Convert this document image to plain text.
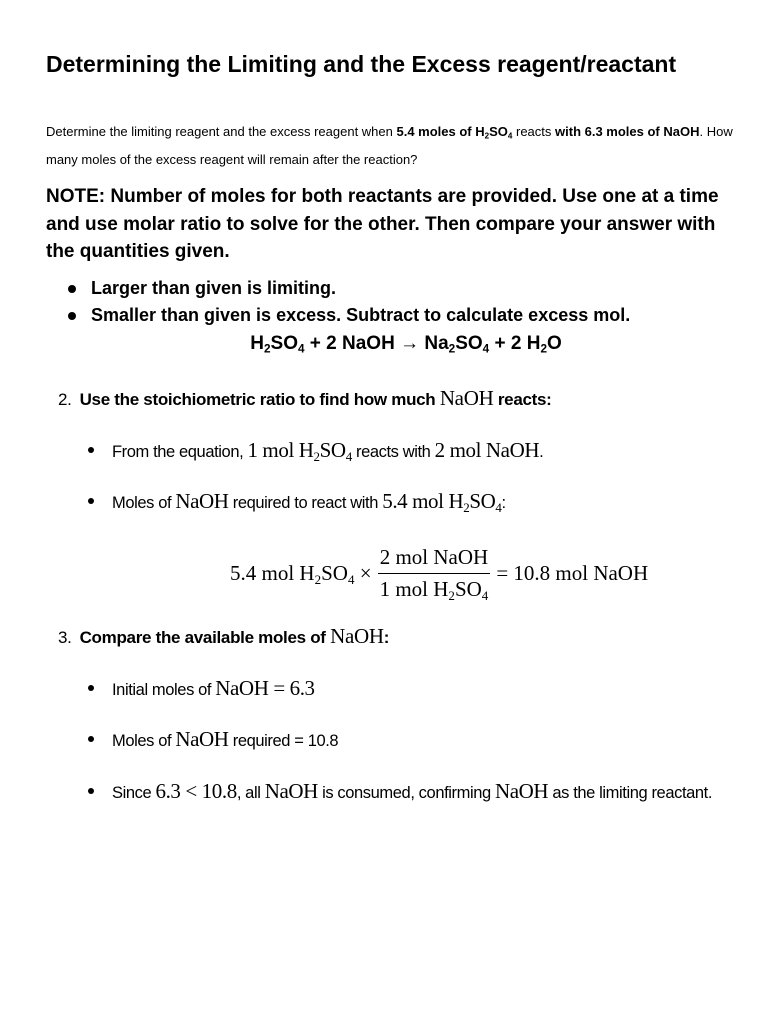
Determining the Limiting and the Excess reagent/reactant

Determine the limiting reagent and the excess reagent when 5.4 moles of $H_2SO_4$ reacts with 6.3 moles of NaOH. How many moles of the excess reagent will remain after the reaction?

NOTE: Number of moles for both reactants are provided. Use one at a time and use molar ratio to solve for the other. Then compare your answer with the quantities given.

Larger than given is limiting.
Smaller than given is excess. Subtract to calculate excess mol.

$H_2SO_4 + 2$ NaOH → $Na_2SO_4 + 2$ $H_2O$

2. Use the stoichiometric ratio to find how much NaOH reacts:

From the equation, 1 mol $H_2SO_4$ reacts with 2 mol NaOH.

Moles of NaOH required to react with 5.4 mol $H_2SO_4$:

5.4 mol $H_2SO_4 \times \frac{\text{2 mol NaOH}}{1 mol H_2SO_4} = 10.8$ mol NaOH

3. Compare the available moles of NaOH:

Initial moles of NaOH = 6.3

Moles of NaOH required = 10.8

Since 6.3 < 10.8, all NaOH is consumed, confirming NaOH as the limiting reactant.
